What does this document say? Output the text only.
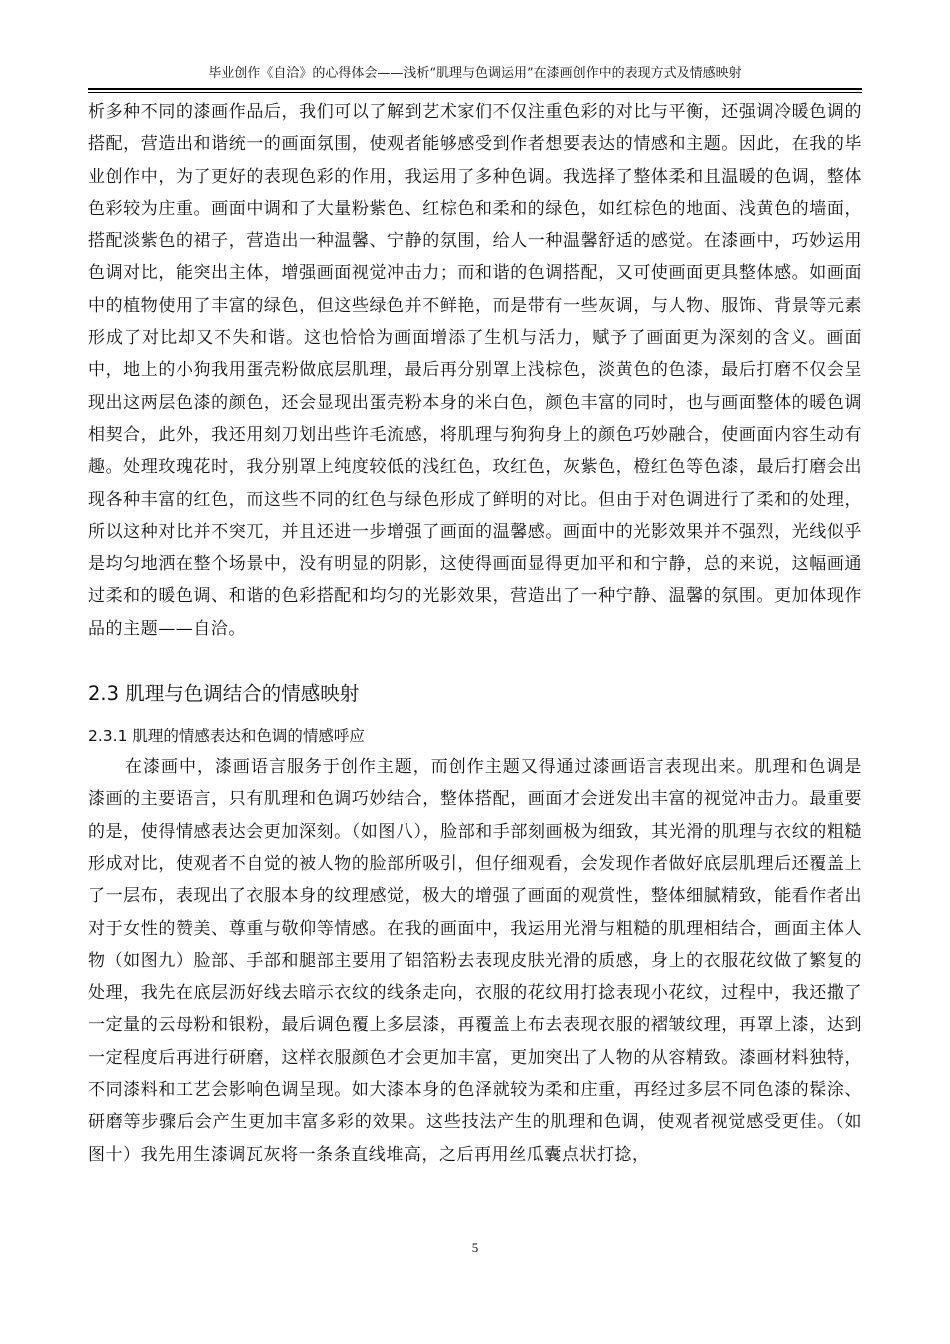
毕业创作《自洽》的心得体会——浅析“肌理与色调运用”在漆画创作中的表现方式及情感映射

析多种不同的漆画作品后，我们可以了解到艺术家们不仅注重色彩的对比与平衡，还强调冷暖色调的搭配，营造出和谐统一的画面氛围，使观者能够感受到作者想要表达的情感和主题。因此，在我的毕业创作中，为了更好的表现色彩的作用，我运用了多种色调。我选择了整体柔和且温暖的色调，整体色彩较为庄重。画面中调和了大量粉紫色、红棕色和柔和的绿色，如红棕色的地面、浅黄色的墙面，搭配淡紫色的裙子，营造出一种温馨、宁静的氛围，给人一种温馨舒适的感觉。在漆画中，巧妙运用色调对比，能突出主体，增强画面视觉冲击力；而和谐的色调搭配，又可使画面更具整体感。如画面中的植物使用了丰富的绿色，但这些绿色并不鲜艳，而是带有一些灰调，与人物、服饰、背景等元素形成了对比却又不失和谐。这也恰恰为画面增添了生机与活力，赋予了画面更为深刻的含义。画面中，地上的小狗我用蛋壳粉做底层肌理，最后再分别罩上浅棕色，淡黄色的色漆，最后打磨不仅会呈现出这两层色漆的颜色，还会显现出蛋壳粉本身的米白色，颜色丰富的同时，也与画面整体的暖色调相契合，此外，我还用刻刀划出些许毛流感，将肌理与狗狗身上的颜色巧妙融合，使画面内容生动有趣。处理玫瑰花时，我分别罩上纯度较低的浅红色，玫红色，灰紫色，橙红色等色漆，最后打磨会出现各种丰富的红色，而这些不同的红色与绿色形成了鲜明的对比。但由于对色调进行了柔和的处理，所以这种对比并不突兀，并且还进一步增强了画面的温馨感。画面中的光影效果并不强烈，光线似乎是均匀地洒在整个场景中，没有明显的阴影，这使得画面显得更加平和和宁静，总的来说，这幅画通过柔和的暖色调、和谐的色彩搭配和均匀的光影效果，营造出了一种宁静、温馨的氛围。更加体现作品的主题——自洽。

2.3 肌理与色调结合的情感映射
2.3.1 肌理的情感表达和色调的情感呼应

在漆画中，漆画语言服务于创作主题，而创作主题又得通过漆画语言表现出来。肌理和色调是漆画的主要语言，只有肌理和色调巧妙结合，整体搭配，画面才会迸发出丰富的视觉冲击力。最重要的是，使得情感表达会更加深刻。（如图八），脸部和手部刻画极为细致，其光滑的肌理与衣纹的粗糙形成对比，使观者不自觉的被人物的脸部所吸引，但仔细观看，会发现作者做好底层肌理后还覆盖上了一层布，表现出了衣服本身的纹理感觉，极大的增强了画面的观赏性，整体细腻精致，能看作者出对于女性的赞美、尊重与敬仰等情感。在我的画面中，我运用光滑与粗糙的肌理相结合，画面主体人物（如图九）脸部、手部和腿部主要用了铝箔粉去表现皮肤光滑的质感，身上的衣服花纹做了繁复的处理，我先在底层沥好线去暗示衣纹的线条走向，衣服的花纹用打捻表现小花纹，过程中，我还撒了一定量的云母粉和银粉，最后调色覆上多层漆，再覆盖上布去表现衣服的褶皱纹理，再罩上漆，达到一定程度后再进行研磨，这样衣服颜色才会更加丰富，更加突出了人物的从容精致。漆画材料独特，不同漆料和工艺会影响色调呈现。如大漆本身的色泽就较为柔和庄重，再经过多层不同色漆的髹涂、研磨等步骤后会产生更加丰富多彩的效果。这些技法产生的肌理和色调，使观者视觉感受更佳。（如图十）我先用生漆调瓦灰将一条条直线堆高，之后再用丝瓜囊点状打捻，

5
